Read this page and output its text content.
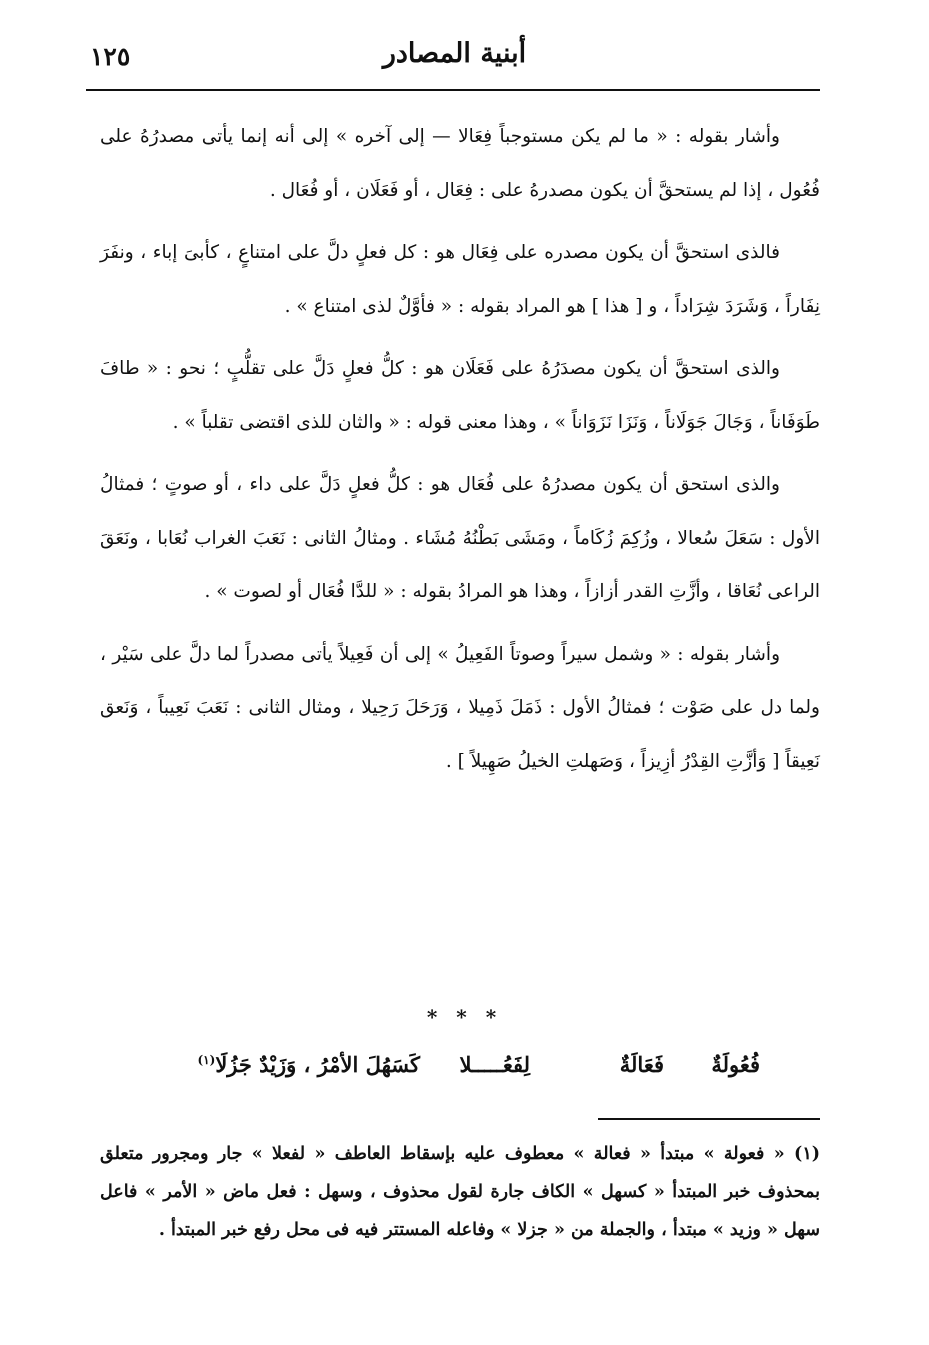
أبنية المصادر
١٢٥

وأشار بقوله : « ما لم يكن مستوجباً فِعَالا — إلى آخره » إلى أنه إنما يأتى مصدرُهُ على فُعُول ، إذا لم يستحقَّ أن يكون مصدرهُ على : فِعَال ، أو فَعَلَان ، أو فُعَال .

فالذى استحقَّ أن يكون مصدره على فِعَال هو : كل فعلٍ دلَّ على امتناعٍ ، كأبىَ إباء ، ونفَرَ نِفَاراً ، وَشَرَدَ شِرَاداً ، و [ هذا ] هو المراد بقوله : « فأوَّلٌ لذى امتناع » .

والذى استحقَّ أن يكون مصدَرُهُ على فَعَلَان هو : كلُّ فعلٍ دَلَّ على تقلُّبٍ ؛ نحو : « طافَ طَوَفَاناً ، وَجَالَ جَوَلَاناً ، وَنَزَا نَزَوَاناً » ، وهذا معنى قوله : « والثان للذى اقتضى تقلباً » .

والذى استحق أن يكون مصدرُهُ على فُعَال هو : كلُّ فعلٍ دَلَّ على داء ، أو صوتٍ ؛ فمثالُ الأول : سَعَلَ سُعالا ، وزُكِمَ زُكَاماً ، ومَشَى بَطْنُهُ مُشَاء . ومثالُ الثانى : نَعَبَ الغراب نُعَابا ، ونَعَقَ الراعى نُعَاقا ، وأزَّتِ القدر أزازاً ، وهذا هو المرادُ بقوله : « للدَّا فُعَال أو لصوت » .

وأشار بقوله : « وشمل سيراً وصوتاً الفَعِيلُ » إلى أن فَعِيلاً يأتى مصدراً لما دلَّ على سَيْر ، ولما دل على صَوْت ؛ فمثالُ الأول : ذَمَلَ ذَمِيلا ، وَرَحَلَ رَحِيلا ، ومثال الثانى : نَعَبَ نَعِيباً ، وَنَعق نَعِيقاً [ وَأزَّتِ القِدْرُ أزِيزاً ، وَصَهلتِ الخيلُ صَهِيلاً ] .

* * *
فُعُولَةٌ
فَعَالَةٌ
لِفَعُـــــلا
كَسَهُلَ الأمْرُ ، وَزَيْدٌ جَزُلَا$^{(١)}$

(١) « فعولة » مبتدأ « فعالة » معطوف عليه بإسقاط العاطف « لفعلا » جار ومجرور متعلق بمحذوف خبر المبتدأ « كسهل » الكاف جارة لقول محذوف ، وسهل : فعل ماض « الأمر » فاعل سهل « وزيد » مبتدأ ، والجملة من « جزلا » وفاعله المستتر فيه فى محل رفع خبر المبتدأ .
